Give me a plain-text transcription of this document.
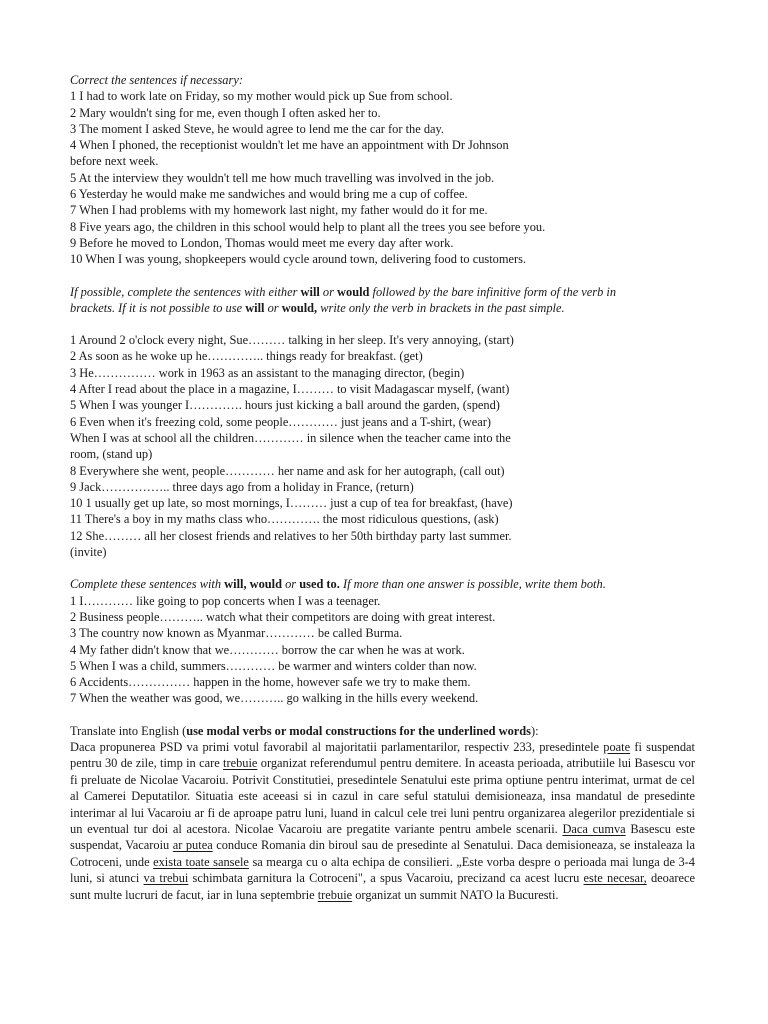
Correct the sentences if necessary:
1 I had to work late on Friday, so my mother would pick up Sue from school.
2 Mary wouldn't sing for me, even though I often asked her to.
3 The moment I asked Steve, he would agree to lend me the car for the day.
4 When I phoned, the receptionist wouldn't let me have an appointment with Dr Johnson
before next week.
5 At the interview they wouldn't tell me how much travelling was involved in the job.
6 Yesterday he would make me sandwiches and would bring me a cup of coffee.
7 When I had problems with my homework last night, my father would do it for me.
8 Five years ago, the children in this school would help to plant all the trees you see before you.
9 Before he moved to London, Thomas would meet me every day after work.
10 When I was young, shopkeepers would cycle around town, delivering food to customers.
If possible, complete the sentences with either will or would followed by the bare infinitive form of the verb in
brackets. If it is not possible to use will or would, write only the verb in brackets in the past simple.
1 Around 2 o'clock every night, Sue……… talking in her sleep. It's very annoying, (start)
2 As soon as he woke up he………….. things ready for breakfast. (get)
3 He…………… work in 1963 as an assistant to the managing director, (begin)
4 After I read about the place in a magazine, I……… to visit Madagascar myself, (want)
5 When I was younger I…………. hours just kicking a ball around the garden, (spend)
6 Even when it's freezing cold, some people………… just jeans and a T-shirt, (wear)
When I was at school all the children………… in silence when the teacher came into the
room, (stand up)
8 Everywhere she went, people………… her name and ask for her autograph, (call out)
9 Jack…………….. three days ago from a holiday in France, (return)
10 1 usually get up late, so most mornings, I……… just a cup of tea for breakfast, (have)
11 There's a boy in my maths class who…………. the most ridiculous questions, (ask)
12 She……… all her closest friends and relatives to her 50th birthday party last summer.
(invite)
Complete these sentences with will, would or used to. If more than one answer is possible, write them both.
1 I………… like going to pop concerts when I was a teenager.
2 Business people……….. watch what their competitors are doing with great interest.
3 The country now known as Myanmar………… be called Burma.
4 My father didn't know that we………… borrow the car when he was at work.
5 When I was a child, summers………… be warmer and winters colder than now.
6 Accidents…………… happen in the home, however safe we try to make them.
7 When the weather was good, we……….. go walking in the hills every weekend.
Translate into English (use modal verbs or modal constructions for the underlined words):

Daca propunerea PSD va primi votul favorabil al majoritatii parlamentarilor, respectiv 233, presedintele poate fi suspendat pentru 30 de zile, timp in care trebuie organizat referendumul pentru demitere. In aceasta perioada, atributiile lui Basescu vor fi preluate de Nicolae Vacaroiu. Potrivit Constitutiei, presedintele Senatului este prima optiune pentru interimat, urmat de cel al Camerei Deputatilor. Situatia este aceeasi si in cazul in care seful statului demisioneaza, insa mandatul de presedinte interimar al lui Vacaroiu ar fi de aproape patru luni, luand in calcul cele trei luni pentru organizarea alegerilor prezidentiale si un eventual tur doi al acestora. Nicolae Vacaroiu are pregatite variante pentru ambele scenarii. Daca cumva Basescu este suspendat, Vacaroiu ar putea conduce Romania din biroul sau de presedinte al Senatului. Daca demisioneaza, se instaleaza la Cotroceni, unde exista toate sansele sa mearga cu o alta echipa de consilieri. „Este vorba despre o perioada mai lunga de 3-4 luni, si atunci va trebui schimbata garnitura la Cotroceni", a spus Vacaroiu, precizand ca acest lucru este necesar, deoarece sunt multe lucruri de facut, iar in luna septembrie trebuie organizat un summit NATO la Bucuresti.
